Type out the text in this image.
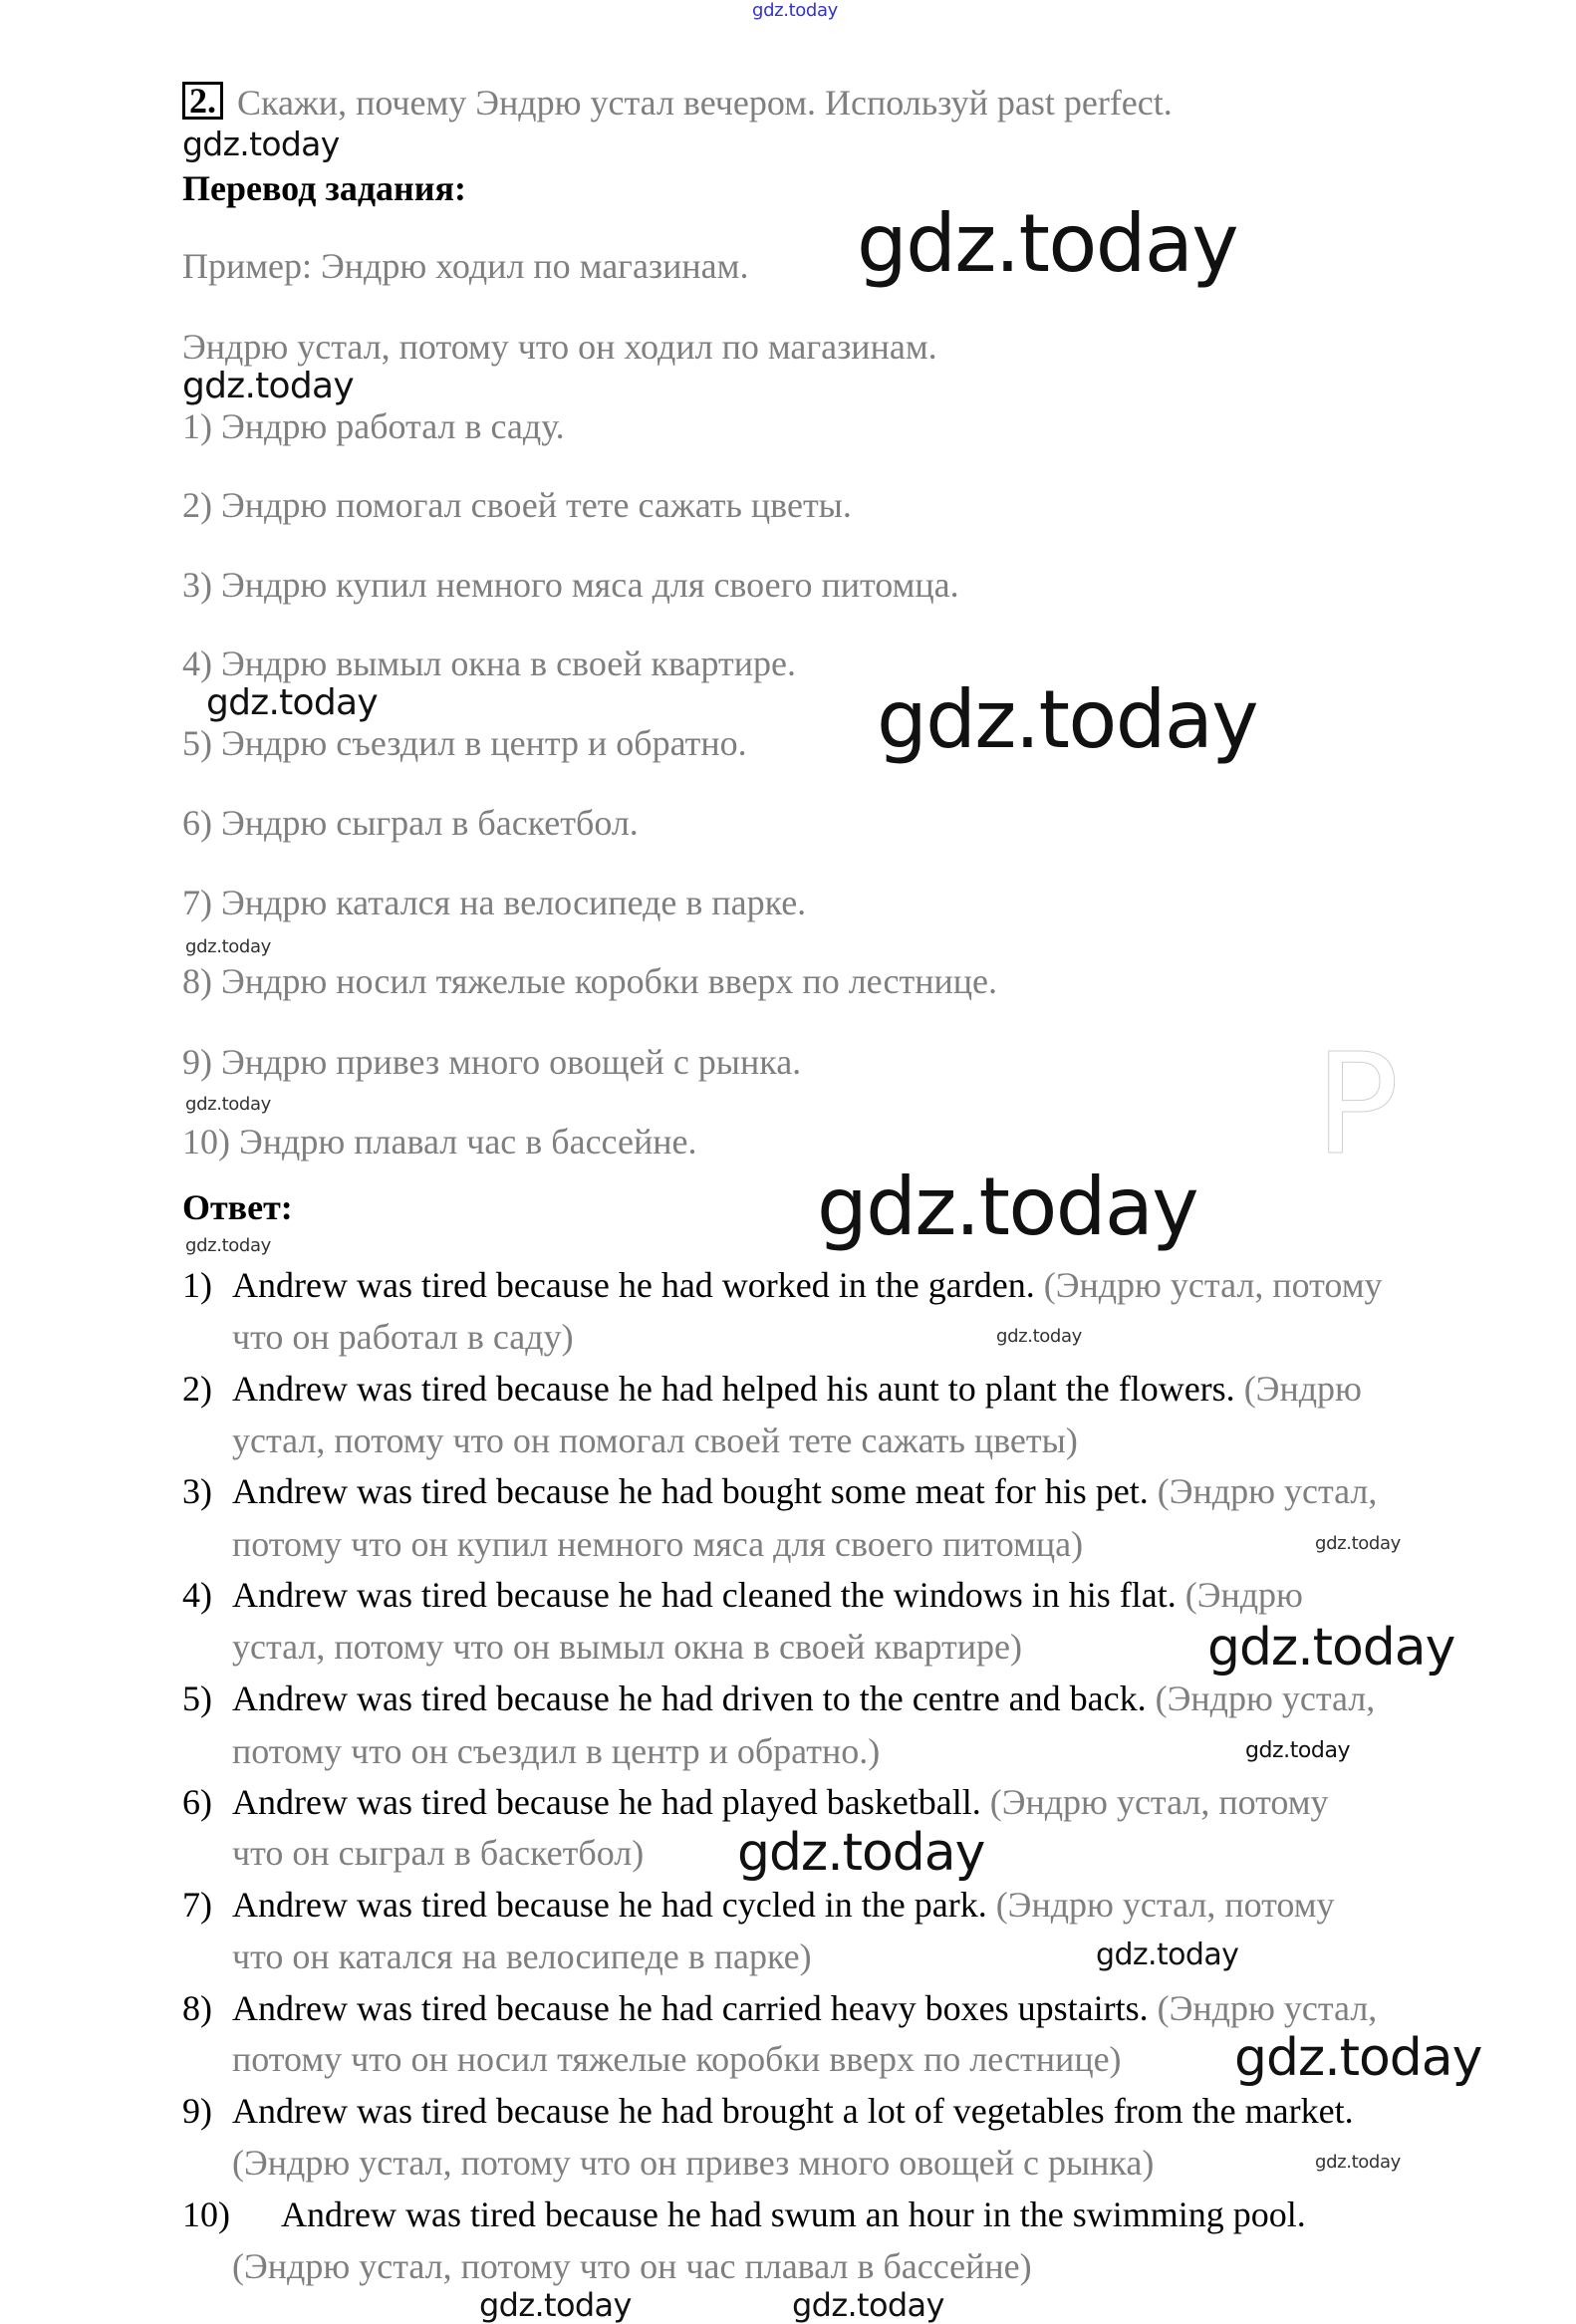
gdz.today
2. Скажи, почему Эндрю устал вечером. Используй past perfect.
Перевод задания:
Пример: Эндрю ходил по магазинам.
Эндрю устал, потому что он ходил по магазинам.
1) Эндрю работал в саду.
2) Эндрю помогал своей тете сажать цветы.
3) Эндрю купил немного мяса для своего питомца.
4) Эндрю вымыл окна в своей квартире.
5) Эндрю съездил в центр и обратно.
6) Эндрю сыграл в баскетбол.
7) Эндрю катался на велосипеде в парке.
8) Эндрю носил тяжелые коробки вверх по лестнице.
9) Эндрю привез много овощей с рынка.
10) Эндрю плавал час в бассейне.	P
Ответ:
1) Andrew was tired because he had worked in the garden. (Эндрю устал, потому
что он работал в саду)
2) Andrew was tired because he had helped his aunt to plant the flowers. (Эндрю
устал, потому что он помогал своей тете сажать цветы)
3) Andrew was tired because he had bought some meat for his pet. (Эндрю устал,
потому что он купил немного мяса для своего питомца)
4) Andrew was tired because he had cleaned the windows in his flat. (Эндрю
устал, потому что он вымыл окна в своей квартире)
5) Andrew was tired because he had driven to the centre and back. (Эндрю устал,
потому что он съездил в центр и обратно.)
6) Andrew was tired because he had played basketball. (Эндрю устал, потому
что он сыграл в баскетбол)
7) Andrew was tired because he had cycled in the park. (Эндрю устал, потому
что он катался на велосипеде в парке)
8) Andrew was tired because he had carried heavy boxes upstairts. (Эндрю устал,
потому что он носил тяжелые коробки вверх по лестнице)
9) Andrew was tired because he had brought a lot of vegetables from the market.
(Эндрю устал, потому что он привез много овощей с рынка)
10) Andrew was tired because he had swum an hour in the swimming pool.
(Эндрю устал, потому что он час плавал в бассейне)
gdz.today
gdz.today
gdz.today
gdz.today	gdz.today
gdz.today
gdz.today
gdz.today
gdz.today
gdz.today
gdz.today
gdz.today
gdz.today
gdz.today
gdz.today
gdz.today
gdz.today
gdz.today	gdz.today
